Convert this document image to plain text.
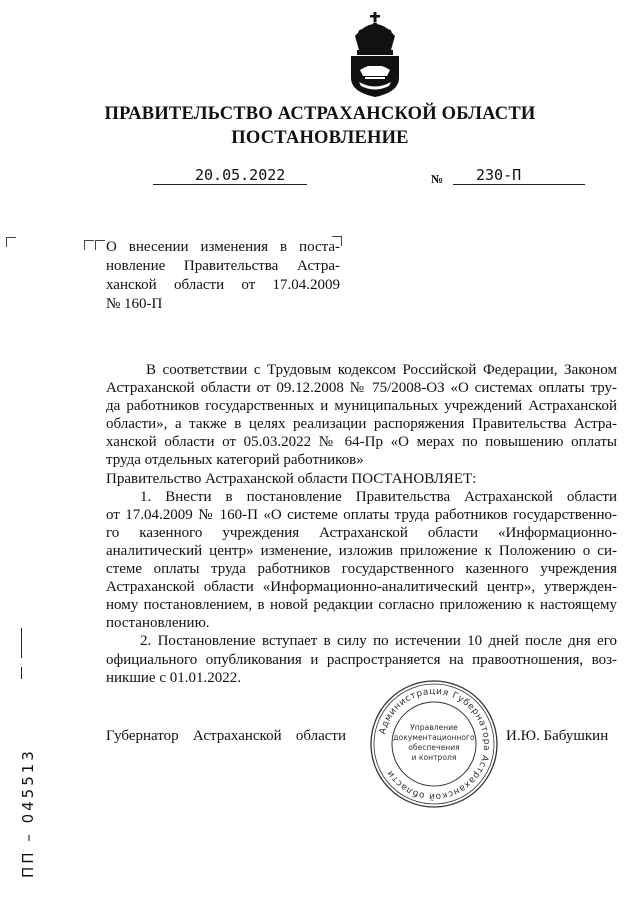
ПРАВИТЕЛЬСТВО АСТРАХАНСКОЙ ОБЛАСТИ
ПОСТАНОВЛЕНИЕ
20.05.2022	№ 230-П
О внесении изменения в поста-
новление Правительства Астра-
ханской области от 17.04.2009
№ 160-П
В соответствии с Трудовым кодексом Российской Федерации, Законом
Астраханской области от 09.12.2008 № 75/2008-ОЗ «О системах оплаты тру-
да работников государственных и муниципальных учреждений Астраханской
области», а также в целях реализации распоряжения Правительства Астра-
ханской области от 05.03.2022 № 64-Пр «О мерах по повышению оплаты
труда отдельных категорий работников»
Правительство Астраханской области ПОСТАНОВЛЯЕТ:
1. Внести в постановление Правительства Астраханской области
от 17.04.2009 № 160-П «О системе оплаты труда работников государственно-
го казенного учреждения Астраханской области «Информационно-
аналитический центр» изменение, изложив приложение к Положению о си-
стеме оплаты труда работников государственного казенного учреждения
Астраханской области «Информационно-аналитический центр», утвержден-
ному постановлением, в новой редакции согласно приложению к настоящему
постановлению.
2. Постановление вступает в силу по истечении 10 дней после дня его
официального опубликования и распространяется на правоотношения, воз-
никшие с 01.01.2022.
Губернатор Астраханской области	И.Ю. Бабушкин
Администрация Губернатора Астраханской области
Управление
документационного
обеспечения
и контроля
ПП – 045513
